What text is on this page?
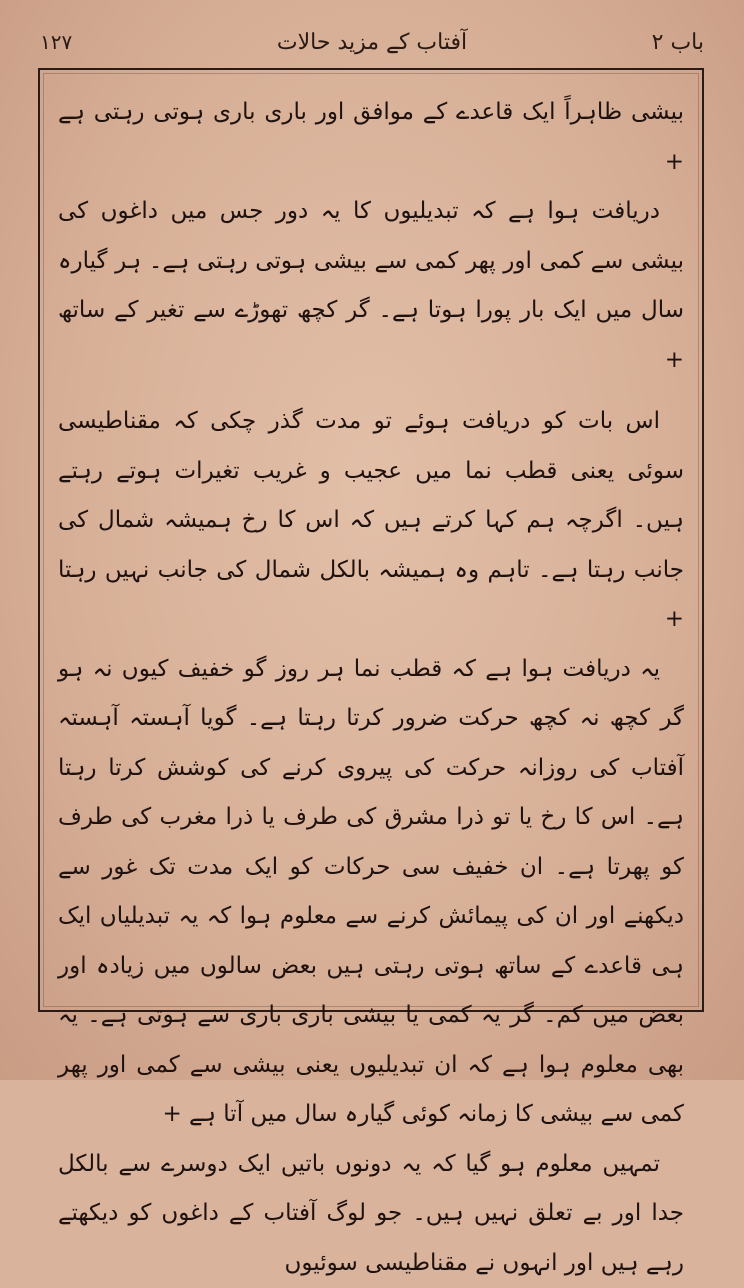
باب ۲
آفتاب کے مزید حالات
۱۲۷

بیشی ظاہراً ایک قاعدے کے موافق اور باری باری ہوتی رہتی ہے +

دریافت ہوا ہے کہ تبدیلیوں کا یہ دور جس میں داغوں کی بیشی سے کمی اور پھر کمی سے بیشی ہوتی رہتی ہے۔ ہر گیارہ سال میں ایک بار پورا ہوتا ہے۔ گر کچھ تھوڑے سے تغیر کے ساتھ +

اس بات کو دریافت ہوئے تو مدت گذر چکی کہ مقناطیسی سوئی یعنی قطب نما میں عجیب و غریب تغیرات ہوتے رہتے ہیں۔ اگرچہ ہم کہا کرتے ہیں کہ اس کا رخ ہمیشہ شمال کی جانب رہتا ہے۔ تاہم وہ ہمیشہ بالکل شمال کی جانب نہیں رہتا +

یہ دریافت ہوا ہے کہ قطب نما ہر روز گو خفیف کیوں نہ ہو گر کچھ نہ کچھ حرکت ضرور کرتا رہتا ہے۔ گویا آہستہ آہستہ آفتاب کی روزانہ حرکت کی پیروی کرنے کی کوشش کرتا رہتا ہے۔ اس کا رخ یا تو ذرا مشرق کی طرف یا ذرا مغرب کی طرف کو پھرتا ہے۔ ان خفیف سی حرکات کو ایک مدت تک غور سے دیکھنے اور ان کی پیمائش کرنے سے معلوم ہوا کہ یہ تبدیلیاں ایک ہی قاعدے کے ساتھ ہوتی رہتی ہیں بعض سالوں میں زیادہ اور بعض میں کم۔ گر یہ کمی یا بیشی باری باری سے ہوتی ہے۔ یہ بھی معلوم ہوا ہے کہ ان تبدیلیوں یعنی بیشی سے کمی اور پھر کمی سے بیشی کا زمانہ کوئی گیارہ سال میں آتا ہے +

تمہیں معلوم ہو گیا کہ یہ دونوں باتیں ایک دوسرے سے بالکل جدا اور بے تعلق نہیں ہیں۔ جو لوگ آفتاب کے داغوں کو دیکھتے رہے ہیں اور انہوں نے مقناطیسی سوئیوں
